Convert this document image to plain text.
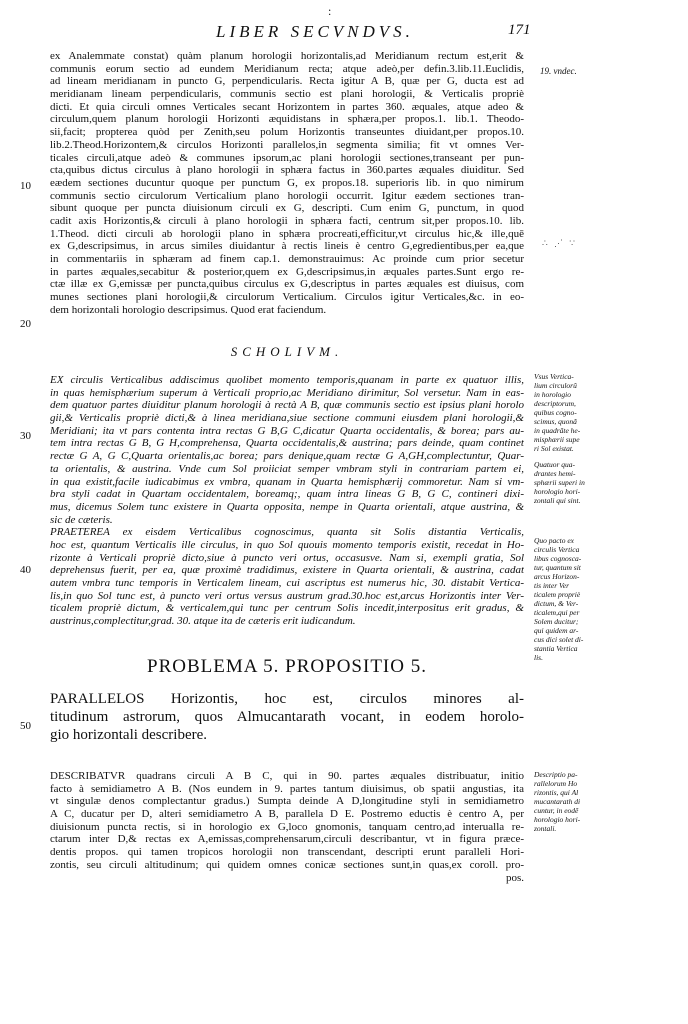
:
LIBER SECVNDVS.	171
ex Analemmate constat) quàm planum horologii horizontalis,ad Meridianum rectum est,erit &
communis eorum sectio ad eundem Meridianum recta; atque adeò,per defin.3.lib.11.Euclidis,
ad lineam meridianam in puncto G, perpendicularis. Recta igitur A B, quæ per G, ducta est ad
meridianam lineam perpendicularis, communis sectio est plani horologii, & Verticalis propriè
dicti. Et quia circuli omnes Verticales secant Horizontem in partes 360. æquales, atque adeo &
circulum,quem planum horologii Horizonti æquidistans in sphæra,per propos.1. lib.1. Theodo-
sii,facit; propterea quòd per Zenith,seu polum Horizontis transeuntes diuidant,per propos.10.
lib.2.Theod.Horizontem,& circulos Horizonti parallelos,in segmenta similia; fit vt omnes Ver-
ticales circuli,atque adeò & communes ipsorum,ac plani horologii sectiones,transeant per pun-
cta,quibus dictus circulus à plano horologii in sphæra factus in 360.partes æquales diuiditur. Sed
eædem sectiones ducuntur quoque per punctum G, ex propos.18. superioris lib. in quo nimirum
communis sectio circulorum Verticalium plano horologii occurrit. Igitur eædem sectiones tran-
sibunt quoque per puncta diuisionum circuli ex G, descripti. Cum enim G, punctum, in quod
cadit axis Horizontis,& circuli à plano horologii in sphæra facti, centrum sit,per propos.10. lib.
1.Theod. dicti circuli ab horologii plano in sphæra procreati,efficitur,vt circulus hic,& ille,quē
ex G,descripsimus, in arcus similes diuidantur à rectis lineis è centro G,egredientibus,per ea,que
in commentariis in sphæram ad finem cap.1. demonstrauimus: Ac proinde cum prior secetur
in partes æquales,secabitur & posterior,quem ex G,descripsimus,in æquales partes.Sunt ergo re-
ctæ illæ ex G,emissæ per puncta,quibus circulus ex G,descriptus in partes æquales est diuisus, com
munes sectiones plani horologii,& circulorum Verticalium. Circulos igitur Verticales,&c. in eo-
dem horizontali horologio descripsimus. Quod erat faciendum.
SCHOLIVM.
EX circulis Verticalibus addiscimus quolibet momento temporis,quanam in parte ex quatuor illis,
in quas hemisphærium superum à Verticali proprio,ac Meridiano dirimitur, Sol versetur. Nam in eas-
dem quatuor partes diuiditur planum horologii à rectà A B, quæ communis sectio est ipsius plani horolo
gii,& Verticalis propriè dicti,& à linea meridiana,siue sectione communi eiusdem plani horologii,&
Meridiani; ita vt pars contenta intra rectas G B,G C,dicatur Quarta occidentalis, & borea; pars au-
tem intra rectas G B, G H,comprehensa, Quarta occidentalis,& austrina; pars deinde, quam continet
rectæ G A, G C,Quarta orientalis,ac borea; pars denique,quam rectæ G A,GH,complectuntur, Quar-
ta orientalis, & austrina. Vnde cum Sol proiiciat semper vmbram styli in contrariam partem ei,
in qua existit,facile iudicabimus ex vmbra, quanam in Quarta hemisphærij commoretur. Nam si vm-
bra styli cadat in Quartam occidentalem, boreamq;, quam intra lineas G B, G C, contineri dixi-
mus, dicemus Solem tunc existere in Quarta opposita, nempe in Quarta orientali, atque austrina, &
sic de cæteris.
PRAETEREA ex eisdem Verticalibus cognoscimus, quanta sit Solis distantia Verticalis,
hoc est, quantum Verticalis ille circulus, in quo Sol quouis momento temporis existit, recedat in Ho-
rizonte à Verticali propriè dicto,siue à puncto veri ortus, occasusve. Nam si, exempli gratia, Sol
deprehensus fuerit, per ea, quæ proximè tradidimus, existere in Quarta orientali, & austrina, cadat
autem vmbra tunc temporis in Verticalem lineam, cui ascriptus est numerus hic, 30. distabit Vertica-
lis,in quo Sol tunc est, à puncto veri ortus versus austrum grad.30.hoc est,arcus Horizontis inter Ver-
ticalem propriè dictum, & verticalem,qui tunc per centrum Solis incedit,interpositus erit gradus, &
austrinus,complectitur,grad. 30. atque ita de cæteris erit iudicandum.
PROBLEMA 5. PROPOSITIO 5.
PARALLELOS Horizontis, hoc est, circulos minores al-
titudinum astrorum, quos Almucantarath vocant, in eodem horolo-
gio horizontali describere.
DESCRIBATVR quadrans circuli A B C, qui in 90. partes æquales distribuatur, initio
facto à semidiametro A B. (Nos eundem in 9. partes tantum diuisimus, ob spatii angustias, ita
vt singulæ denos complectantur gradus.) Sumpta deinde A D,longitudine styli in semidiametro
A C, ducatur per D, alteri semidiametro A B, parallela D E. Postremo eductis è centro A, per
diuisionum puncta rectis, si in horologio ex G,loco gnomonis, tanquam centro,ad interualla re-
ctarum inter D,& rectas ex A,emissas,comprehensarum,circuli describantur, vt in figura præce-
dentis propos. qui tamen tropicos horologii non transcendant, descripti erunt paralleli Hori-
zontis, seu circuli altitudinum; qui quidem omnes conicæ sectiones sunt,in quas,ex coroll. pro-
pos.
10
20
30
40
50
19. vndec.
∴ ⋰ ∵
Vsus Vertica-
lium circulorũ
in horologio
descriptorum,
quibus cogno-
scimus, quonã
in quadrãte he-
misphærii supe
ri Sol existat.
Quatuor qua-
drantes hemi-
sphærii superi in
horologio hori-
zontali qui sint.
Quo pacto ex
circulis Vertica
libus cognosca-
tur, quantum sit
arcus Horizon-
tis inter Ver
ticalem propriè
dictum, & Ver-
ticalem,qui per
Solem ducitur;
qui quidem ar-
cus dici solet di-
stantia Vertica
lis.
Descriptio pa-
rallelorum Ho
rizontis, qui Al
mucantarath di
cuntur, in eodẽ
horologio hori-
zontali.
